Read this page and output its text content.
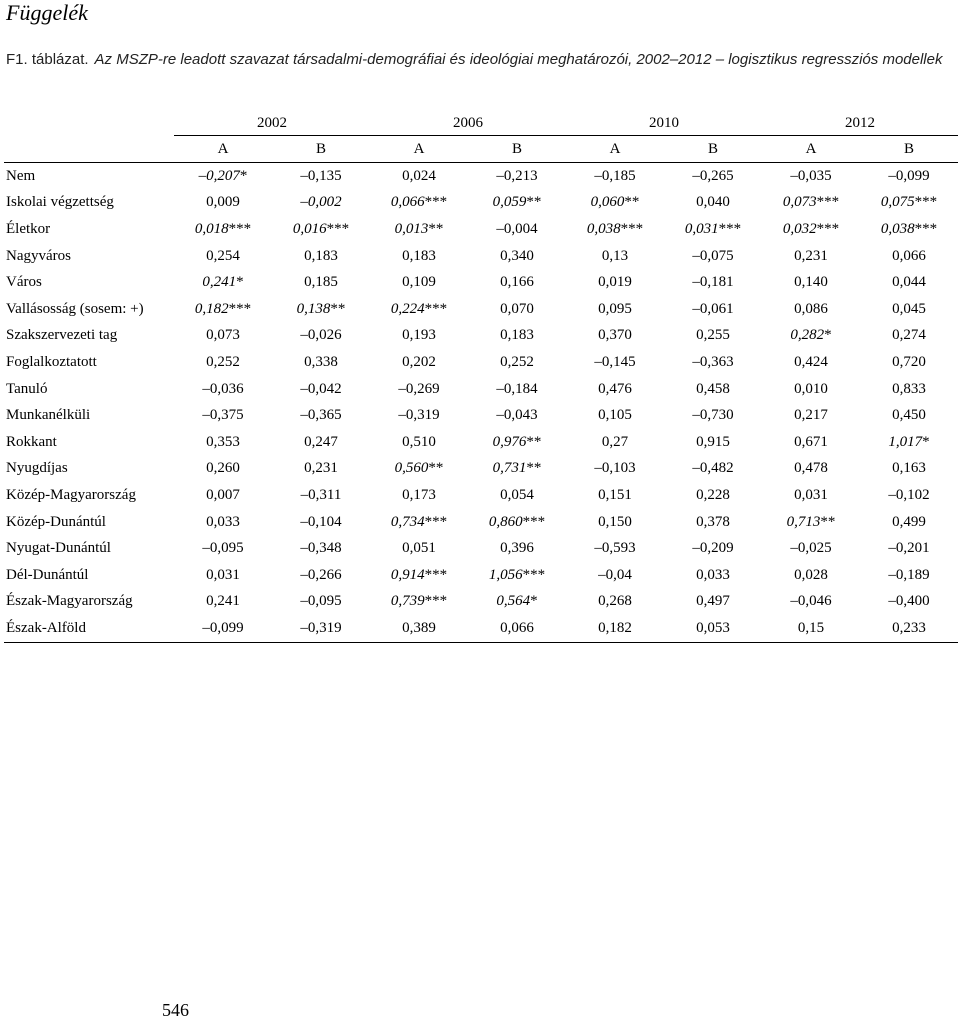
Függelék
F1. táblázat. Az MSZP-re leadott szavazat társadalmi-demográfiai és ideológiai meghatározói, 2002–2012 – logisztikus regressziós modellek
	2002		2006		2010		2012	
	A	B	A	B	A	B	A	B
Nem	–0,207*	–0,135	0,024	–0,213	–0,185	–0,265	–0,035	–0,099
Iskolai végzettség	0,009	–0,002	0,066***	0,059**	0,060**	0,040	0,073***	0,075***
Életkor	0,018***	0,016***	0,013**	–0,004	0,038***	0,031***	0,032***	0,038***
Nagyváros	0,254	0,183	0,183	0,340	0,13	–0,075	0,231	0,066
Város	0,241*	0,185	0,109	0,166	0,019	–0,181	0,140	0,044
Vallásosság (sosem: +)	0,182***	0,138**	0,224***	0,070	0,095	–0,061	0,086	0,045
Szakszervezeti tag	0,073	–0,026	0,193	0,183	0,370	0,255	0,282*	0,274
Foglalkoztatott	0,252	0,338	0,202	0,252	–0,145	–0,363	0,424	0,720
Tanuló	–0,036	–0,042	–0,269	–0,184	0,476	0,458	0,010	0,833
Munkanélküli	–0,375	–0,365	–0,319	–0,043	0,105	–0,730	0,217	0,450
Rokkant	0,353	0,247	0,510	0,976**	0,27	0,915	0,671	1,017*
Nyugdíjas	0,260	0,231	0,560**	0,731**	–0,103	–0,482	0,478	0,163
Közép-Magyarország	0,007	–0,311	0,173	0,054	0,151	0,228	0,031	–0,102
Közép-Dunántúl	0,033	–0,104	0,734***	0,860***	0,150	0,378	0,713**	0,499
Nyugat-Dunántúl	–0,095	–0,348	0,051	0,396	–0,593	–0,209	–0,025	–0,201
Dél-Dunántúl	0,031	–0,266	0,914***	1,056***	–0,04	0,033	0,028	–0,189
Észak-Magyarország	0,241	–0,095	0,739***	0,564*	0,268	0,497	–0,046	–0,400
Észak-Alföld	–0,099	–0,319	0,389	0,066	0,182	0,053	0,15	0,233
546
